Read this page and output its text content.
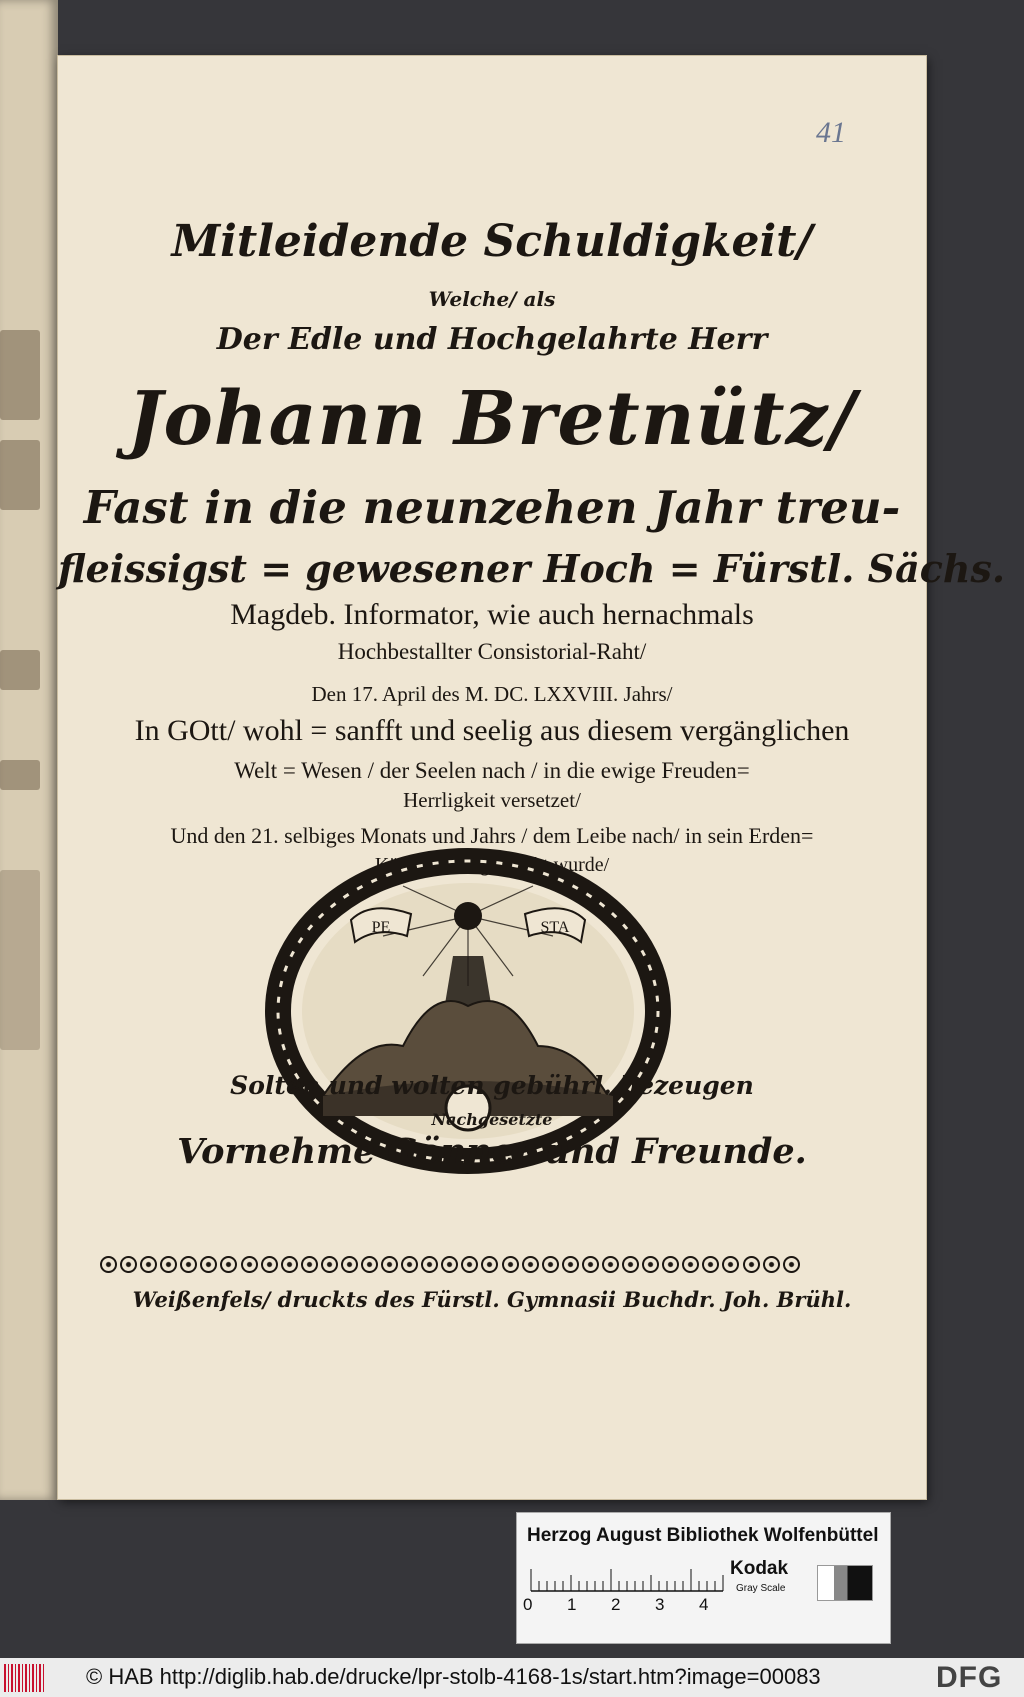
41
Mitleidende Schuldigkeit/
Welche/ als
Der Edle und Hochgelahrte Herr
Johann Bretnütz/
Fast in die neunzehen Jahr treu-
fleissigst = gewesener Hoch = Fürstl. Sächs.
Magdeb. Informator, wie auch hernachmals
Hochbestallter Consistorial-Raht/
Den 17. April des M. DC. LXXVIII. Jahrs/
In GOtt/ wohl = sanfft und seelig aus diesem vergänglichen
Welt = Wesen / der Seelen nach / in die ewige Freuden=
Herrligkeit versetzet/
Und den 21. selbiges Monats und Jahrs / dem Leibe nach/ in sein Erden=
Kämmerlein gebracht wurde/
PE	STA
Solten und wolten gebührl. bezeugen
Nachgesetzte
Vornehme Gönner und Freunde.
Weißenfels/ druckts des Fürstl. Gymnasii Buchdr. Joh. Brühl.
Herzog August Bibliothek Wolfenbüttel
0 1 2 3 4
Kodak
Gray Scale
© HAB http://diglib.hab.de/drucke/lpr-stolb-4168-1s/start.htm?image=00083	DFG
